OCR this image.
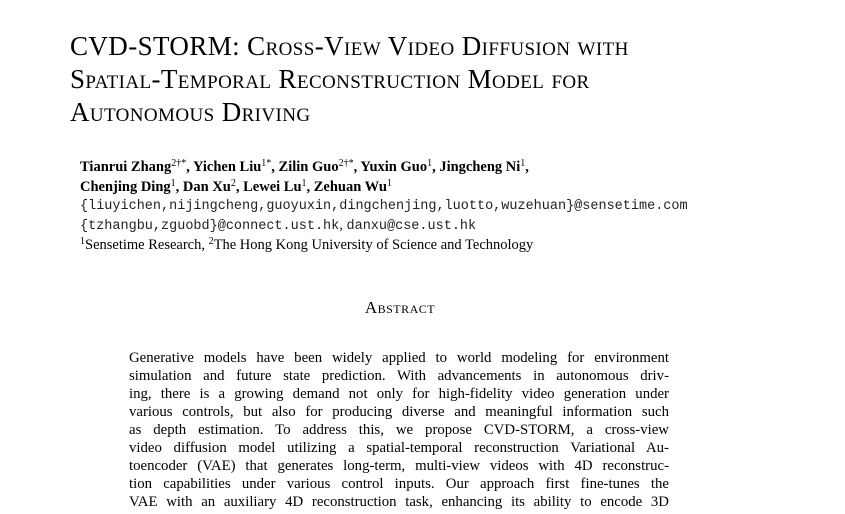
CVD-STORM: Cross-View Video Diffusion with
Spatial-Temporal Reconstruction Model for
Autonomous Driving
Tianrui Zhang$^{2\dagger*}$, Yichen Liu$^{1*}$, Zilin Guo$^{2\dagger*}$, Yuxin Guo$^1$, Jingcheng Ni$^1$,
Chenjing Ding$^1$, Dan Xu$^2$, Lewei Lu$^1$, Zehuan Wu$^1$
{liuyichen,nijingcheng,guoyuxin,dingchenjing,luotto,wuzehuan}@sensetime.com
{tzhangbu,zguobd}@connect.ust.hk, danxu@cse.ust.hk
$^1$Sensetime Research, $^2$The Hong Kong University of Science and Technology
Abstract
Generative models have been widely applied to world modeling for environment
simulation and future state prediction. With advancements in autonomous driv-
ing, there is a growing demand not only for high-fidelity video generation under
various controls, but also for producing diverse and meaningful information such
as depth estimation. To address this, we propose CVD-STORM, a cross-view
video diffusion model utilizing a spatial-temporal reconstruction Variational Au-
toencoder (VAE) that generates long-term, multi-view videos with 4D reconstruc-
tion capabilities under various control inputs. Our approach first fine-tunes the
VAE with an auxiliary 4D reconstruction task, enhancing its ability to encode 3D
